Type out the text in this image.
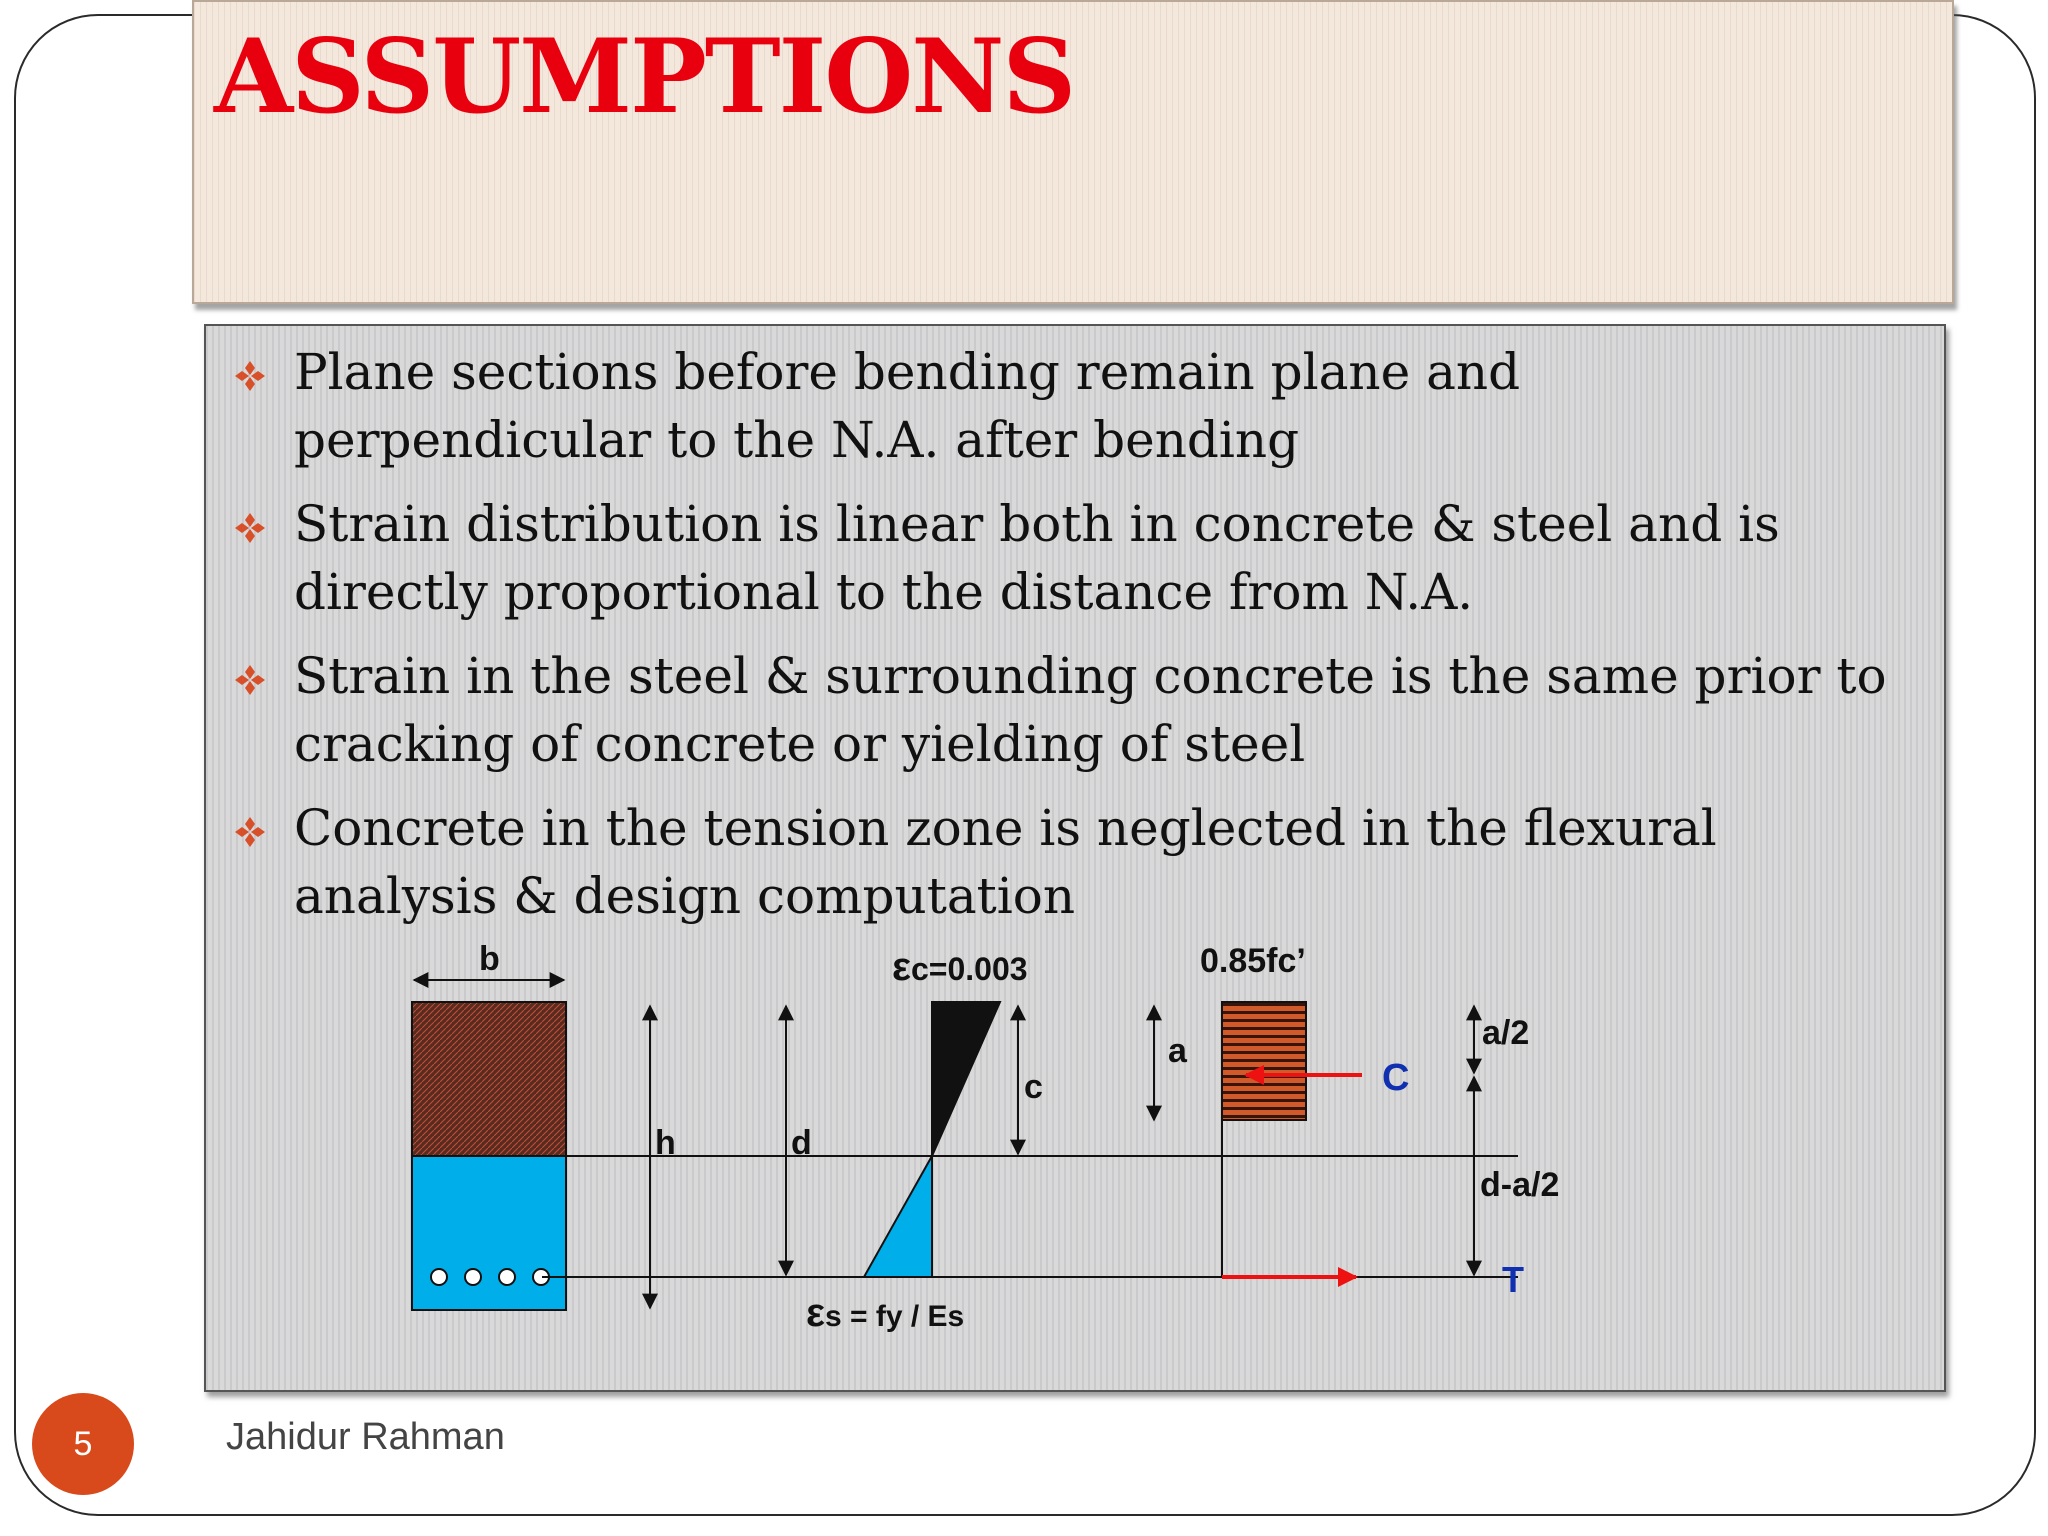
ASSUMPTIONS
Plane sections before bending remain plane and
perpendicular to the N.A. after bending
Strain distribution is linear both in concrete & steel and is
directly proportional to the distance from N.A.
Strain in the steel & surrounding concrete is the same prior to
cracking of concrete or yielding of steel
Concrete in the tension zone is neglected in the flexural
analysis & design computation
b
h	d
εc=0.003
εs = fy / Es
c
a
0.85fc’
C
T
a/2
d-a/2
5	Jahidur Rahman
